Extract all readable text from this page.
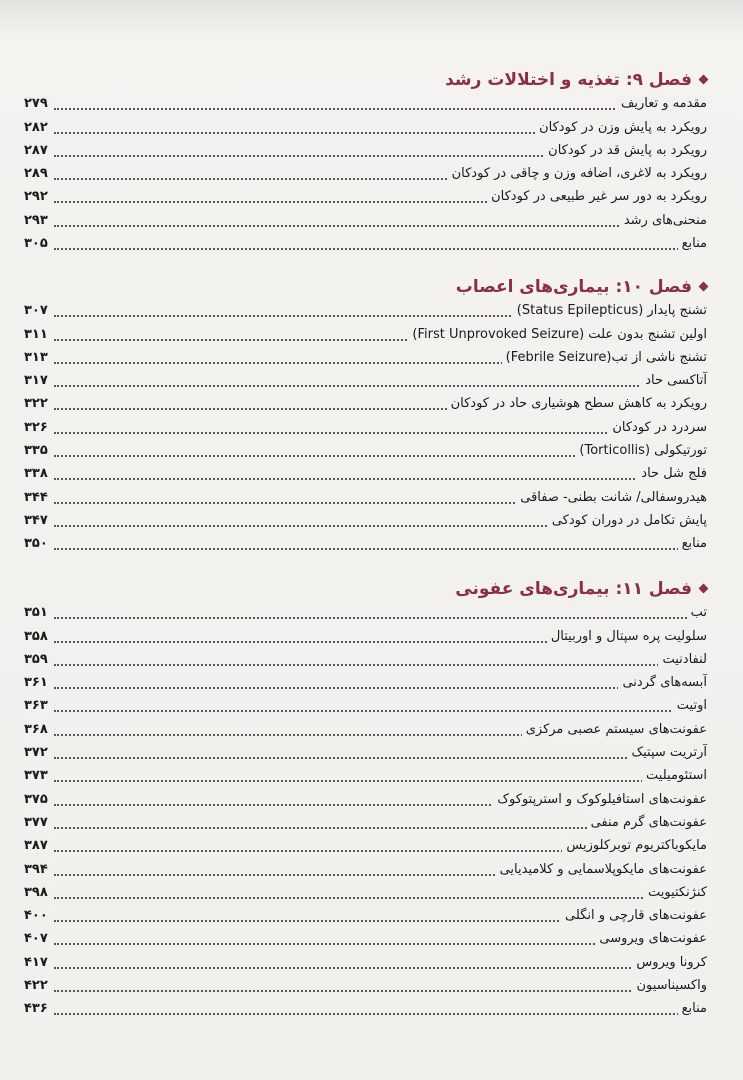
فصل ۹: تغذیه و اختلالات رشد
مقدمه و تعاریف
۲۷۹
رویکرد به پایش وزن در کودکان
۲۸۲
رویکرد به پایش قد در کودکان
۲۸۷
رویکرد به لاغری، اضافه وزن و چاقی در کودکان
۲۸۹
رویکرد به دور سر غیر طبیعی در کودکان
۲۹۲
منحنی‌های رشد
۲۹۳
منابع
۳۰۵
فصل ۱۰: بیماری‌های اعصاب
تشنج پایدار (Status Epilepticus)
۳۰۷
اولین تشنج بدون علت (First Unprovoked Seizure)
۳۱۱
تشنج ناشی از تب(Febrile Seizure)
۳۱۳
آتاکسی حاد
۳۱۷
رویکرد به کاهش سطح هوشیاری حاد در کودکان
۳۲۲
سردرد در کودکان
۳۲۶
تورتیکولی (Torticollis)
۳۳۵
فلج شل حاد
۳۳۸
هیدروسفالی/ شانت بطنی- صفاقی
۳۴۴
پایش تکامل در دوران کودکی
۳۴۷
منابع
۳۵۰
فصل ۱۱: بیماری‌های عفونی
تب
۳۵۱
سلولیت پره سپتال و اوربیتال
۳۵۸
لنفادنیت
۳۵۹
آبسه‌های گردنی
۳۶۱
اوتیت
۳۶۳
عفونت‌های سیستم عصبی مرکزی
۳۶۸
آرتریت سپتیک
۳۷۲
استئومیلیت
۳۷۳
عفونت‌های استافیلوکوک و استرپتوکوک
۳۷۵
عفونت‌های گرم منفی
۳۷۷
مایکوباکتریوم توبرکلوزیس
۳۸۷
عفونت‌های مایکوپلاسمایی و کلامیدیایی
۳۹۴
کنژنکتیویت
۳۹۸
عفونت‌های قارچی و انگلی
۴۰۰
عفونت‌های ویروسی
۴۰۷
کرونا ویروس
۴۱۷
واکسیناسیون
۴۲۲
منابع
۴۳۶
